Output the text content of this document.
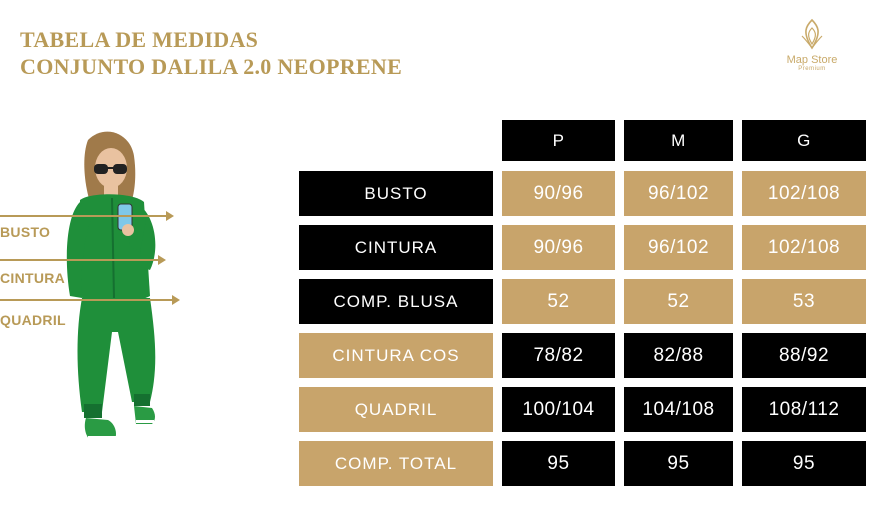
TABELA DE MEDIDAS
CONJUNTO DALILA 2.0 NEOPRENE	Map Store
Premium
BUSTO
CINTURA
QUADRIL
P	M	G
BUSTO	90/96	96/102	102/108
CINTURA	90/96	96/102	102/108
COMP. BLUSA	52	52	53
CINTURA COS	78/82	82/88	88/92
QUADRIL	100/104	104/108	108/112
COMP. TOTAL	95	95	95
